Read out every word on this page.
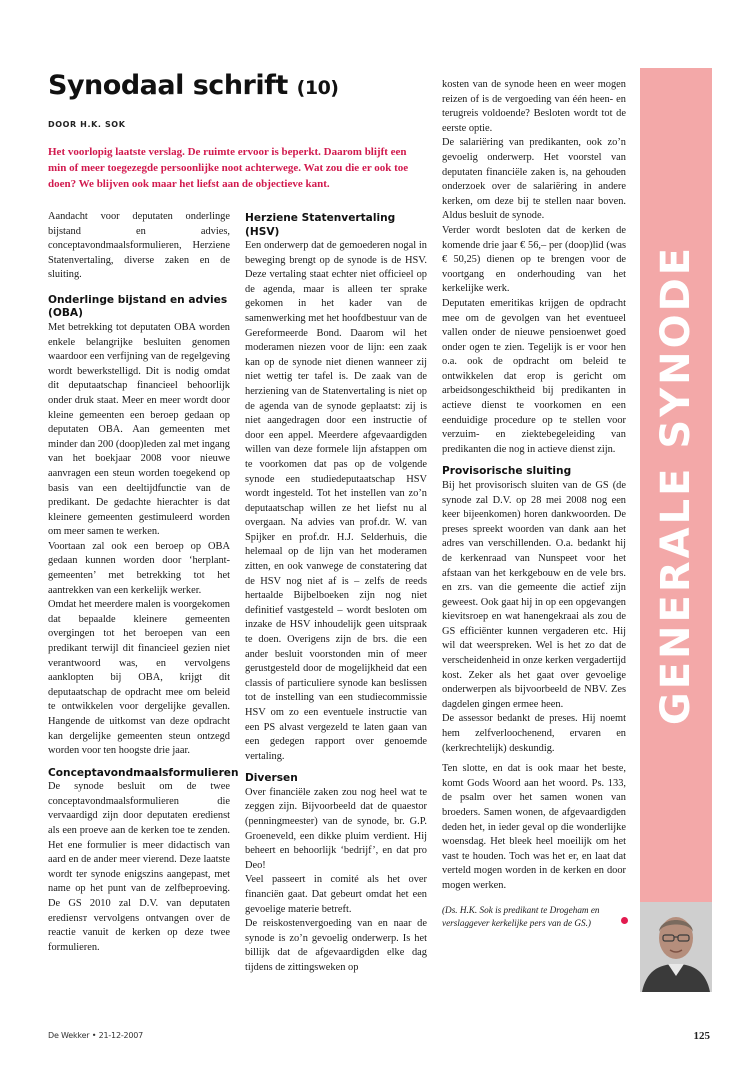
Synodaal schrift (10)
DOOR H.K. SOK

Het voorlopig laatste verslag. De ruimte ervoor is beperkt. Daarom blijft een min of meer toegezegde persoonlijke noot achterwege. Wat zou die er ook toe doen? We blijven ook maar het liefst aan de objectieve kant.

Aandacht voor deputaten onderlinge bijstand en advies, conceptavondmaalsformulieren, Herziene Statenvertaling, diverse zaken en de sluiting.

Onderlinge bijstand en advies (OBA)

Met betrekking tot deputaten OBA worden enkele belangrijke besluiten genomen waardoor een verfijning van de regelgeving wordt bewerkstelligd. Dit is nodig omdat dit deputaatschap financieel behoorlijk onder druk staat. Meer en meer wordt door kleine gemeenten een beroep gedaan op deputaten OBA. Aan gemeenten met minder dan 200 (doop)leden zal met ingang van het boekjaar 2008 voor nieuwe aanvragen een steun worden toegekend op basis van een deeltijdfunctie van de predikant. De gedachte hierachter is dat kleinere gemeenten gestimuleerd worden om meer samen te werken.

Voortaan zal ook een beroep op OBA gedaan kunnen worden door ‘herplant-gemeenten’ met betrekking tot het aantrekken van een kerkelijk werker.

Omdat het meerdere malen is voorgekomen dat bepaalde kleinere gemeenten overgingen tot het beroepen van een predikant terwijl dit financieel gezien niet verantwoord was, en vervolgens aanklopten bij OBA, krijgt dit deputaatschap de opdracht mee om beleid te ontwikkelen voor dergelijke gevallen. Hangende de uitkomst van deze opdracht kan dergelijke gemeenten steun ontzegd worden voor ten hoogste drie jaar.

Conceptavondmaalsformulieren

De synode besluit om de twee conceptavondmaalsformulieren die vervaardigd zijn door deputaten eredienst als een proeve aan de kerken toe te zenden. Het ene formulier is meer didactisch van aard en de ander meer vierend. Deze laatste wordt ter synode enigszins aangepast, met name op het punt van de zelfbeproeving. De GS 2010 zal D.V. van deputaten erediensт vervolgens ontvangen over de reactie vanuit de kerken op deze twee formulieren.

Herziene Statenvertaling (HSV)

Een onderwerp dat de gemoederen nogal in beweging brengt op de synode is de HSV. Deze vertaling staat echter niet officieel op de agenda, maar is alleen ter sprake gekomen in het kader van de samenwerking met het hoofdbestuur van de Gereformeerde Bond. Daarom wil het moderamen niezen voor de lijn: een zaak kan op de synode niet dienen wanneer zij niet wettig ter tafel is. De zaak van de herziening van de Statenvertaling is niet op de agenda van de synode geplaatst: zij is niet aangedragen door een instructie of door een appel. Meerdere afgevaardigden willen van deze formele lijn afstappen om te voorkomen dat pas op de volgende synode een studiedeputaatschap HSV wordt ingesteld. Tot het instellen van zo’n deputaatschap willen ze het liefst nu al overgaan. Na advies van prof.dr. W. van Spijker en prof.dr. H.J. Selderhuis, die helemaal op de lijn van het moderamen zitten, en ook vanwege de constatering dat de HSV nog niet af is – zelfs de reeds hertaalde Bijbelboeken zijn nog niet definitief vastgesteld – wordt besloten om inzake de HSV inhoudelijk geen uitspraak te doen. Overigens zijn de brs. die een ander besluit voorstonden min of meer gerustgesteld door de mogelijkheid dat een classis of particuliere synode kan beslissen tot de instelling van een studiecommissie HSV om zo een eventuele instructie van een PS alvast vergezeld te laten gaan van een gedegen rapport over genoemde vertaling.

Diversen

Over financiële zaken zou nog heel wat te zeggen zijn. Bijvoorbeeld dat de quaestor (penningmeester) van de synode, br. G.P. Groeneveld, een dikke pluim verdient. Hij beheert en behoorlijk ‘bedrijf’, en dat pro Deo!

Veel passeert in comité als het over financiën gaat. Dat gebeurt omdat het een gevoelige materie betreft.

De reiskostenvergoeding van en naar de synode is zo’n gevoelig onderwerp. Is het billijk dat de afgevaardigden elke dag tijdens de zittingsweken op

kosten van de synode heen en weer mogen reizen of is de vergoeding van één heen- en terugreis voldoende? Besloten wordt tot de eerste optie.

De salariëring van predikanten, ook zo’n gevoelig onderwerp. Het voorstel van deputaten financiële zaken is, na gehouden onderzoek over de salariëring in andere kerken, om deze bij te stellen naar boven. Aldus besluit de synode.

Verder wordt besloten dat de kerken de komende drie jaar € 56,– per (doop)lid (was € 50,25) dienen op te brengen voor de voortgang en onderhouding van het kerkelijke werk.

Deputaten emeritikas krijgen de opdracht mee om de gevolgen van het eventueel vallen onder de nieuwe pensioenwet goed onder ogen te zien. Tegelijk is er voor hen o.a. ook de opdracht om beleid te ontwikkelen dat erop is gericht om arbeidsongeschiktheid bij predikanten in actieve dienst te voorkomen en een eenduidige procedure op te stellen voor verzuim- en ziektebegeleiding van predikanten die nog in actieve dienst zijn.

Provisorische sluiting

Bij het provisorisch sluiten van de GS (de synode zal D.V. op 28 mei 2008 nog een keer bijeenkomen) horen dankwoorden. De preses spreekt woorden van dank aan het adres van verschillenden. O.a. bedankt hij de kerkenraad van Nunspeet voor het afstaan van het kerkgebouw en de vele brs. en zrs. van die gemeente die actief zijn geweest. Ook gaat hij in op een opgevangen kievitsroep en wat hanengekraai als zou de GS efficiënter kunnen vergaderen etc. Hij wil dat weerspreken. Wel is het zo dat de verscheidenheid in onze kerken vergadertijd kost. Zeker als het gaat over gevoelige onderwerpen als bijvoorbeeld de NBV. Zes dagdelen gingen ermee heen.

De assessor bedankt de preses. Hij noemt hem zelfverloochenend, ervaren en (kerkrechtelijk) deskundig.

Ten slotte, en dat is ook maar het beste, komt Gods Woord aan het woord. Ps. 133, de psalm over het samen wonen van broeders. Samen wonen, de afgevaardigden deden het, in ieder geval op die wonderlijke woensdag. Het bleek heel moeilijk om het vast te houden. Toch was het er, en laat dat verteld mogen worden in de kerken en door mogen werken.

(Ds. H.K. Sok is predikant te Drogeham en verslaggever kerkelijke pers van de GS.)

GENERALE SYNODE
De Wekker • 21-12-2007	125
